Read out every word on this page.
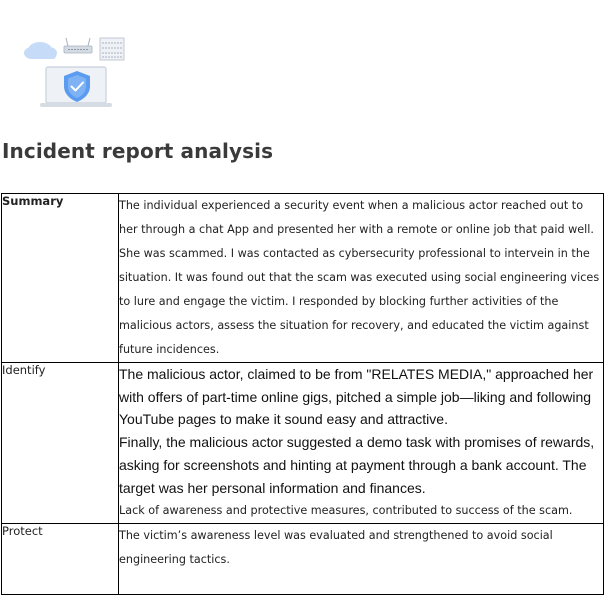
Incident report analysis
Summary	The individual experienced a security event when a malicious actor reached out to her through a chat App and presented her with a remote or online job that paid well. She was scammed. I was contacted as cybersecurity professional to intervein in the situation. It was found out that the scam was executed using social engineering vices to lure and engage the victim. I responded by blocking further activities of the malicious actors, assess the situation for recovery, and educated the victim against future incidences.

Identify	The malicious actor, claimed to be from "RELATES MEDIA," approached her with offers of part-time online gigs, pitched a simple job—liking and following YouTube pages to make it sound easy and attractive.

Finally, the malicious actor suggested a demo task with promises of rewards, asking for screenshots and hinting at payment through a bank account. The target was her personal information and finances.

Lack of awareness and protective measures, contributed to success of the scam.

Protect	The victim’s awareness level was evaluated and strengthened to avoid social engineering tactics.
